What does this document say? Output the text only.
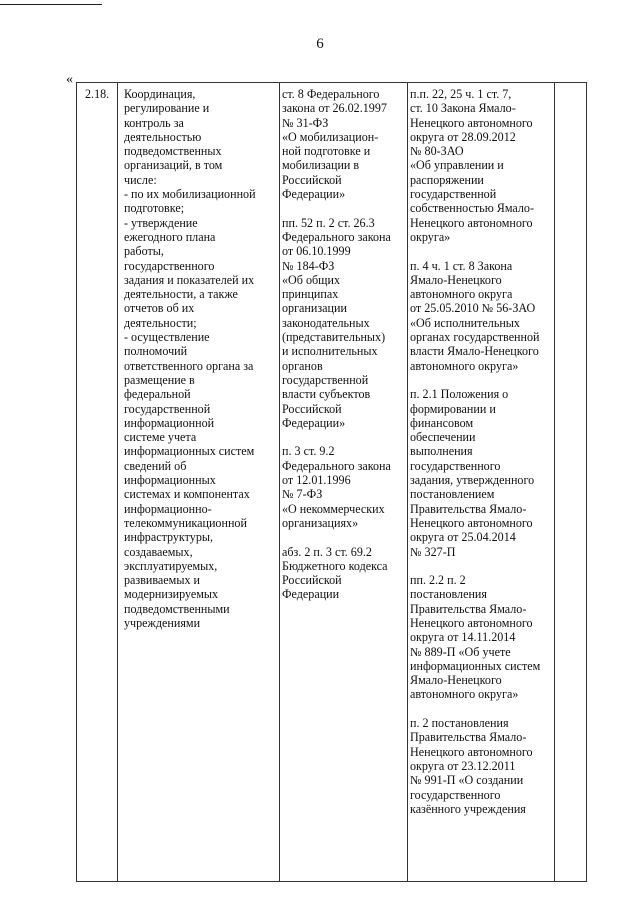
6
«
2.18.	Координация,
регулирование и
контроль за
деятельностью
подведомственных
организаций, в том
числе:
- по их мобилизационной
подготовке;
- утверждение
ежегодного плана
работы,
государственного
задания и показателей их
деятельности, а также
отчетов об их
деятельности;
- осуществление
полномочий
ответственного органа за
размещение в
федеральной
государственной
информационной
системе учета
информационных систем
сведений об
информационных
системах и компонентах
информационно-
телекоммуникационной
инфраструктуры,
создаваемых,
эксплуатируемых,
развиваемых и
модернизируемых
подведомственными
учреждениями
ст. 8 Федерального
закона от 26.02.1997
№ 31-ФЗ
«О мобилизацион-
ной подготовке и
мобилизации в
Российской
Федерации»

пп. 52 п. 2 ст. 26.3
Федерального закона
от 06.10.1999
№ 184-ФЗ
«Об общих
принципах
организации
законодательных
(представительных)
и исполнительных
органов
государственной
власти субъектов
Российской
Федерации»

п. 3 ст. 9.2
Федерального закона
от 12.01.1996
№ 7-ФЗ
«О некоммерческих
организациях»

абз. 2 п. 3 ст. 69.2
Бюджетного кодекса
Российской
Федерации
п.п. 22, 25 ч. 1 ст. 7,
ст. 10 Закона Ямало-
Ненецкого автономного
округа от 28.09.2012
№ 80-ЗАО
«Об управлении и
распоряжении
государственной
собственностью Ямало-
Ненецкого автономного
округа»

п. 4 ч. 1 ст. 8 Закона
Ямало-Ненецкого
автономного округа
от 25.05.2010 № 56-ЗАО
«Об исполнительных
органах государственной
власти Ямало-Ненецкого
автономного округа»

п. 2.1 Положения о
формировании и
финансовом
обеспечении
выполнения
государственного
задания, утвержденного
постановлением
Правительства Ямало-
Ненецкого автономного
округа от 25.04.2014
№ 327-П

пп. 2.2 п. 2
постановления
Правительства Ямало-
Ненецкого автономного
округа от 14.11.2014
№ 889-П «Об учете
информационных систем
Ямало-Ненецкого
автономного округа»

п. 2 постановления
Правительства Ямало-
Ненецкого автономного
округа от 23.12.2011
№ 991-П «О создании
государственного
казённого учреждения
